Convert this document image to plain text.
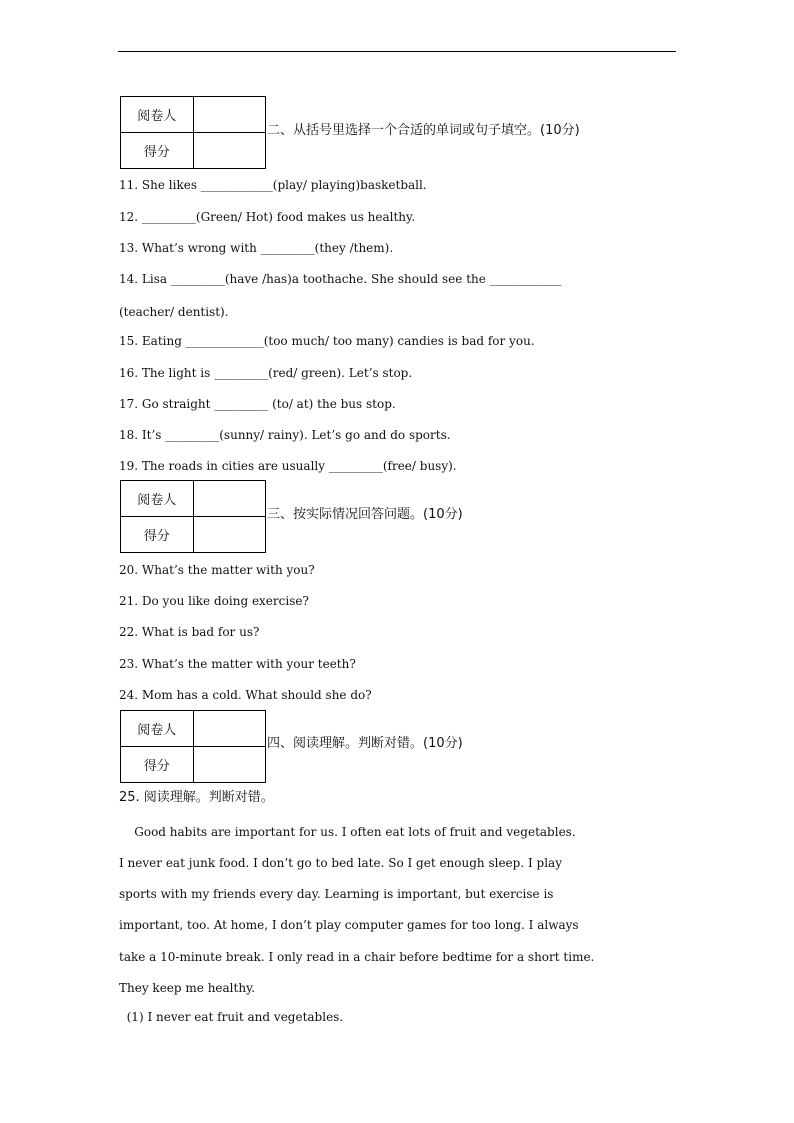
阅卷人	
得分	
二、从括号里选择一个合适的单词或句子填空。(10分)
11. She likes ____________(play/ playing)basketball.
12. _________(Green/ Hot) food makes us healthy.
13. What’s wrong with _________(they /them).
14. Lisa _________(have /has)a toothache. She should see the ____________
(teacher/ dentist).
15. Eating _____________(too much/ too many) candies is bad for you.
16. The light is _________(red/ green). Let’s stop.
17. Go straight _________ (to/ at) the bus stop.
18. It’s _________(sunny/ rainy). Let’s go and do sports.
19. The roads in cities are usually _________(free/ busy).
阅卷人	
得分	
三、按实际情况回答问题。(10分)
20. What’s the matter with you?
21. Do you like doing exercise?
22. What is bad for us?
23. What’s the matter with your teeth?
24. Mom has a cold. What should she do?
阅卷人	
得分	
四、阅读理解。判断对错。(10分)
25. 阅读理解。判断对错。
Good habits are important for us. I often eat lots of fruit and vegetables.
I never eat junk food. I don’t go to bed late. So I get enough sleep. I play
sports with my friends every day. Learning is important, but exercise is
important, too. At home, I don’t play computer games for too long. I always
take a 10-minute break. I only read in a chair before bedtime for a short time.
They keep me healthy.
(1) I never eat fruit and vegetables.
